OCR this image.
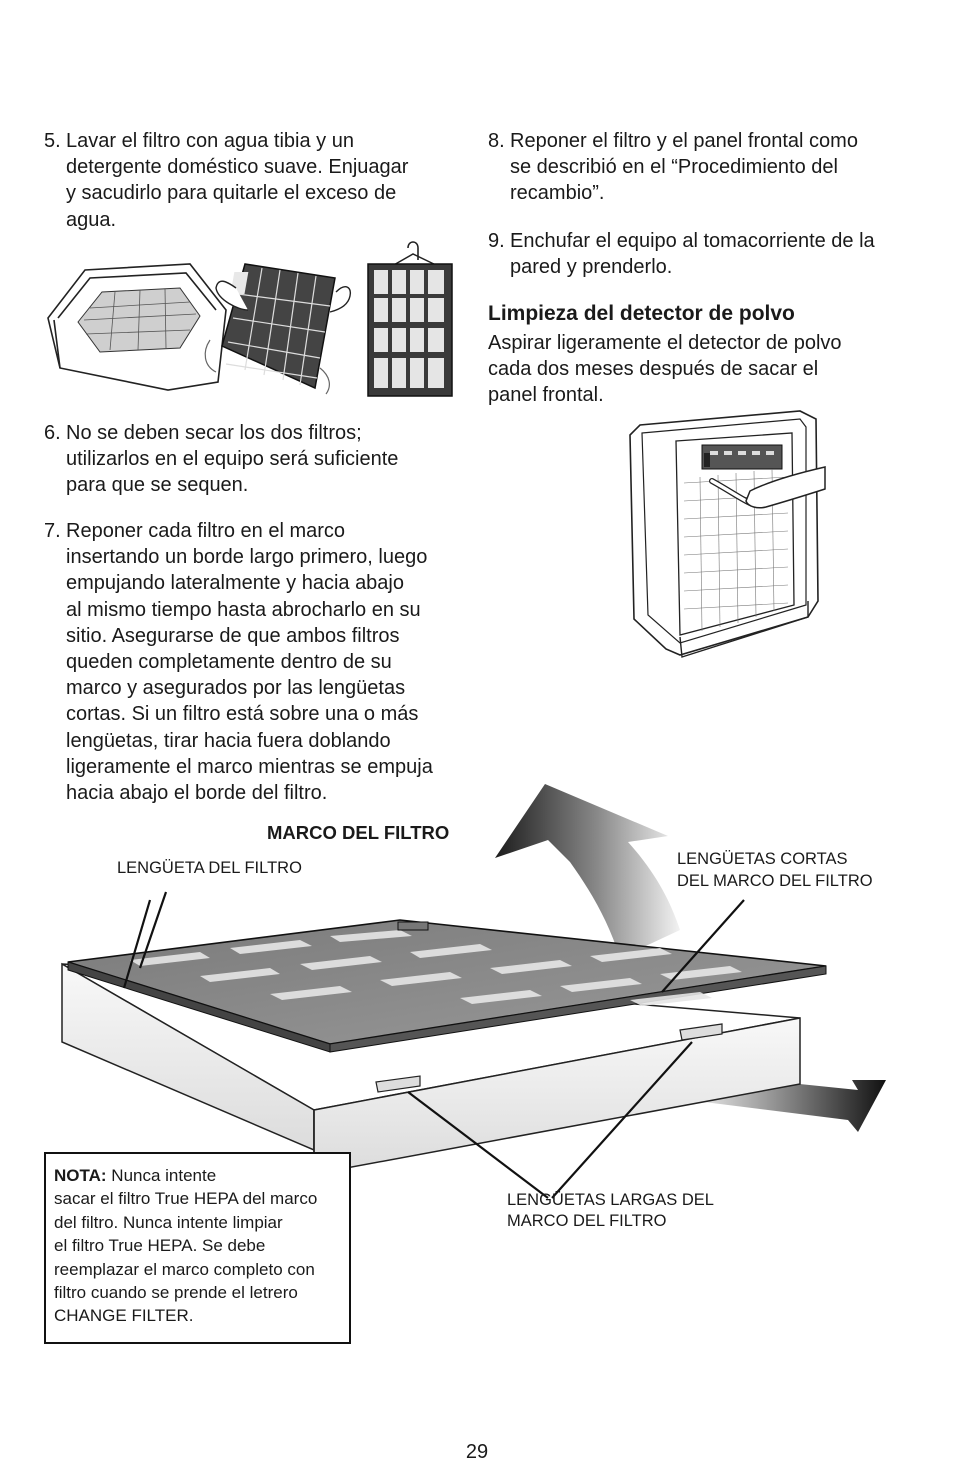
5. Lavar el filtro con agua tibia y un
detergente doméstico suave. Enjuagar
y sacudirlo para quitarle el exceso de
agua.
6. No se deben secar los dos filtros;
utilizarlos en el equipo será suficiente
para que se sequen.
7. Reponer cada filtro en el marco
insertando un borde largo primero, luego
empujando lateralmente y hacia abajo
al mismo tiempo hasta abrocharlo en su
sitio. Asegurarse de que ambos filtros
queden completamente dentro de su
marco y asegurados por las lengüetas
cortas. Si un filtro está sobre una o más
lengüetas, tirar hacia fuera doblando
ligeramente el marco mientras se empuja
hacia abajo el borde del filtro.
8. Reponer el filtro y el panel frontal como
se describió en el “Procedimiento del
recambio”.
9. Enchufar el equipo al tomacorriente de la
pared y prenderlo.
Limpieza del detector de polvo
Aspirar ligeramente el detector de polvo
cada dos meses después de sacar el
panel frontal.
MARCO DEL FILTRO
LENGÜETA DEL FILTRO	LENGÜETAS CORTAS
DEL MARCO DEL FILTRO
LENGÜETAS LARGAS DEL
MARCO DEL FILTRO
NOTA: Nunca intente
sacar el filtro True HEPA del marco
del filtro. Nunca intente limpiar
el filtro True HEPA. Se debe
reemplazar el marco completo con
filtro cuando se prende el letrero
CHANGE FILTER.
29
